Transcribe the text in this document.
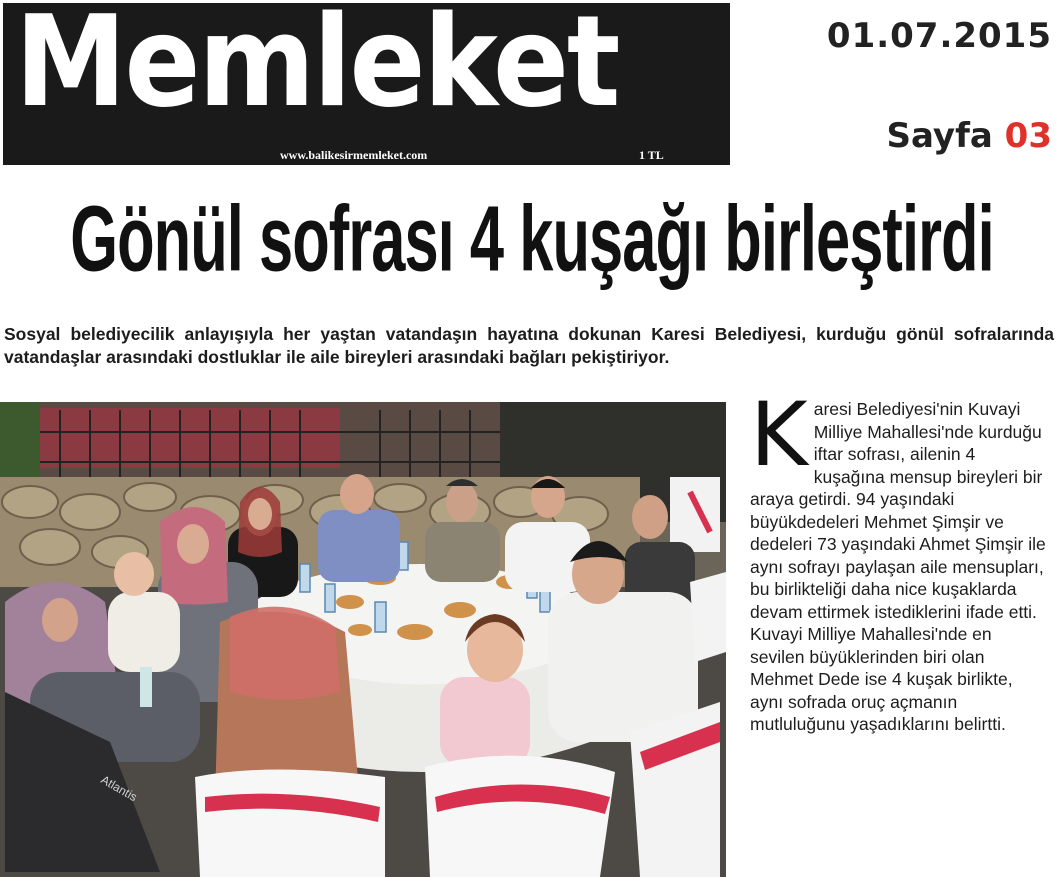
Memleket
www.balikesirmemleket.com	1 TL
01.07.2015
Sayfa 03
Gönül sofrası 4 kuşağı birleştirdi
Sosyal belediyecilik anlayışıyla her yaştan vatandaşın hayatına dokunan Karesi Belediyesi, kurduğu gönül sofralarında vatandaşlar arasındaki dostluklar ile aile bireyleri arasındaki bağları pekiştiriyor.
Atlantis
Karesi Belediyesi'nin Kuvayi Milliye Mahallesi'nde kurduğu iftar sofrası, ailenin 4 kuşağına mensup bireyleri bir araya getirdi. 94 yaşındaki büyükdedeleri Mehmet Şimşir ve dedeleri 73 yaşındaki Ahmet Şimşir ile aynı sofrayı paylaşan aile mensupları, bu birlikteliği daha nice kuşaklarda devam ettirmek istediklerini ifade etti. Kuvayi Milliye Mahallesi'nde en sevilen büyüklerinden biri olan Mehmet Dede ise 4 kuşak birlikte, aynı sofrada oruç açmanın mutluluğunu yaşadıklarını belirtti.
